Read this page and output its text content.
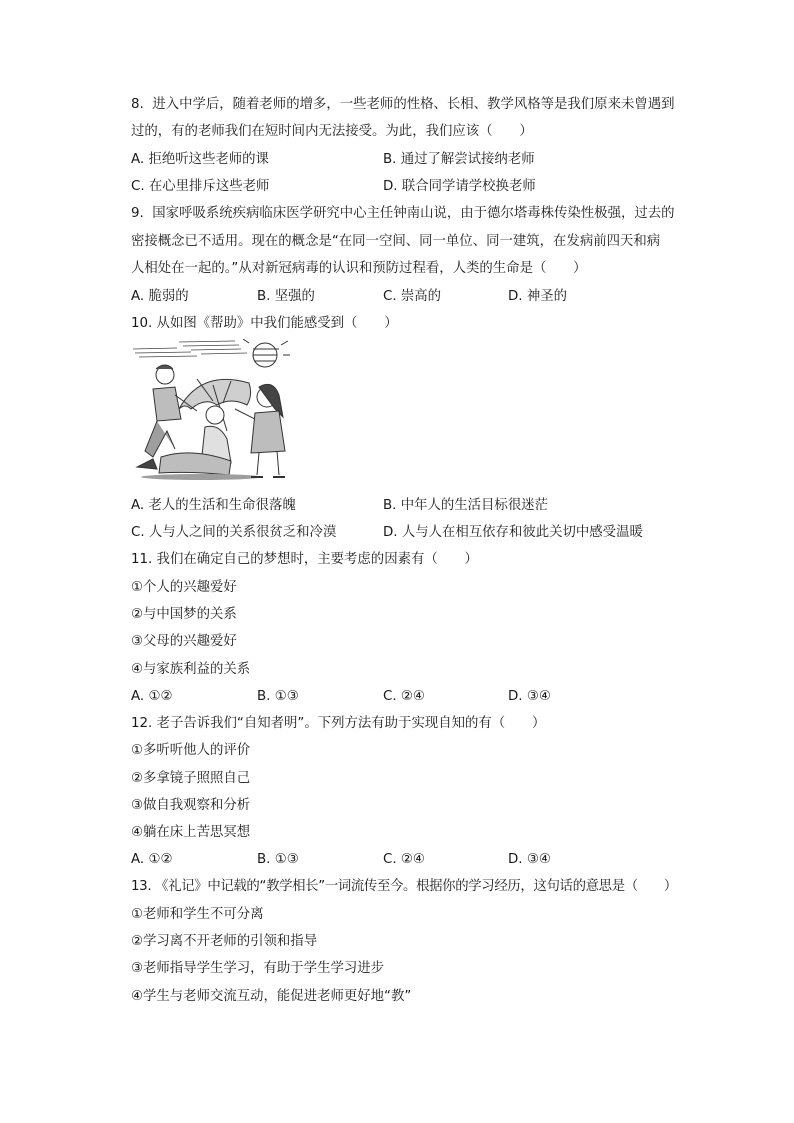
8.  进入中学后，随着老师的增多，一些老师的性格、长相、教学风格等是我们原来未曾遇到
过的，有的老师我们在短时间内无法接受。为此，我们应该（　　）
A. 拒绝听这些老师的课	B. 通过了解尝试接纳老师
C. 在心里排斥这些老师	D. 联合同学请学校换老师
9.  国家呼吸系统疾病临床医学研究中心主任钟南山说，由于德尔塔毒株传染性极强，过去的
密接概念已不适用。现在的概念是“在同一空间、同一单位、同一建筑，在发病前四天和病
人相处在一起的。”从对新冠病毒的认识和预防过程看，人类的生命是（　　）
A. 脆弱的	B. 坚强的	C. 崇高的	D. 神圣的
10. 从如图《帮助》中我们能感受到（　　）
A. 老人的生活和生命很落魄	B. 中年人的生活目标很迷茫
C. 人与人之间的关系很贫乏和冷漠	D. 人与人在相互依存和彼此关切中感受温暖
11. 我们在确定自己的梦想时，主要考虑的因素有（　　）
①个人的兴趣爱好
②与中国梦的关系
③父母的兴趣爱好
④与家族利益的关系
A. ①②	B. ①③	C. ②④	D. ③④
12. 老子告诉我们“自知者明”。下列方法有助于实现自知的有（　　）
①多听听他人的评价
②多拿镜子照照自己
③做自我观察和分析
④躺在床上苦思冥想
A. ①②	B. ①③	C. ②④	D. ③④
13. 《礼记》中记载的“教学相长”一词流传至今。根据你的学习经历，这句话的意思是（　　）
①老师和学生不可分离
②学习离不开老师的引领和指导
③老师指导学生学习，有助于学生学习进步
④学生与老师交流互动，能促进老师更好地“教”
